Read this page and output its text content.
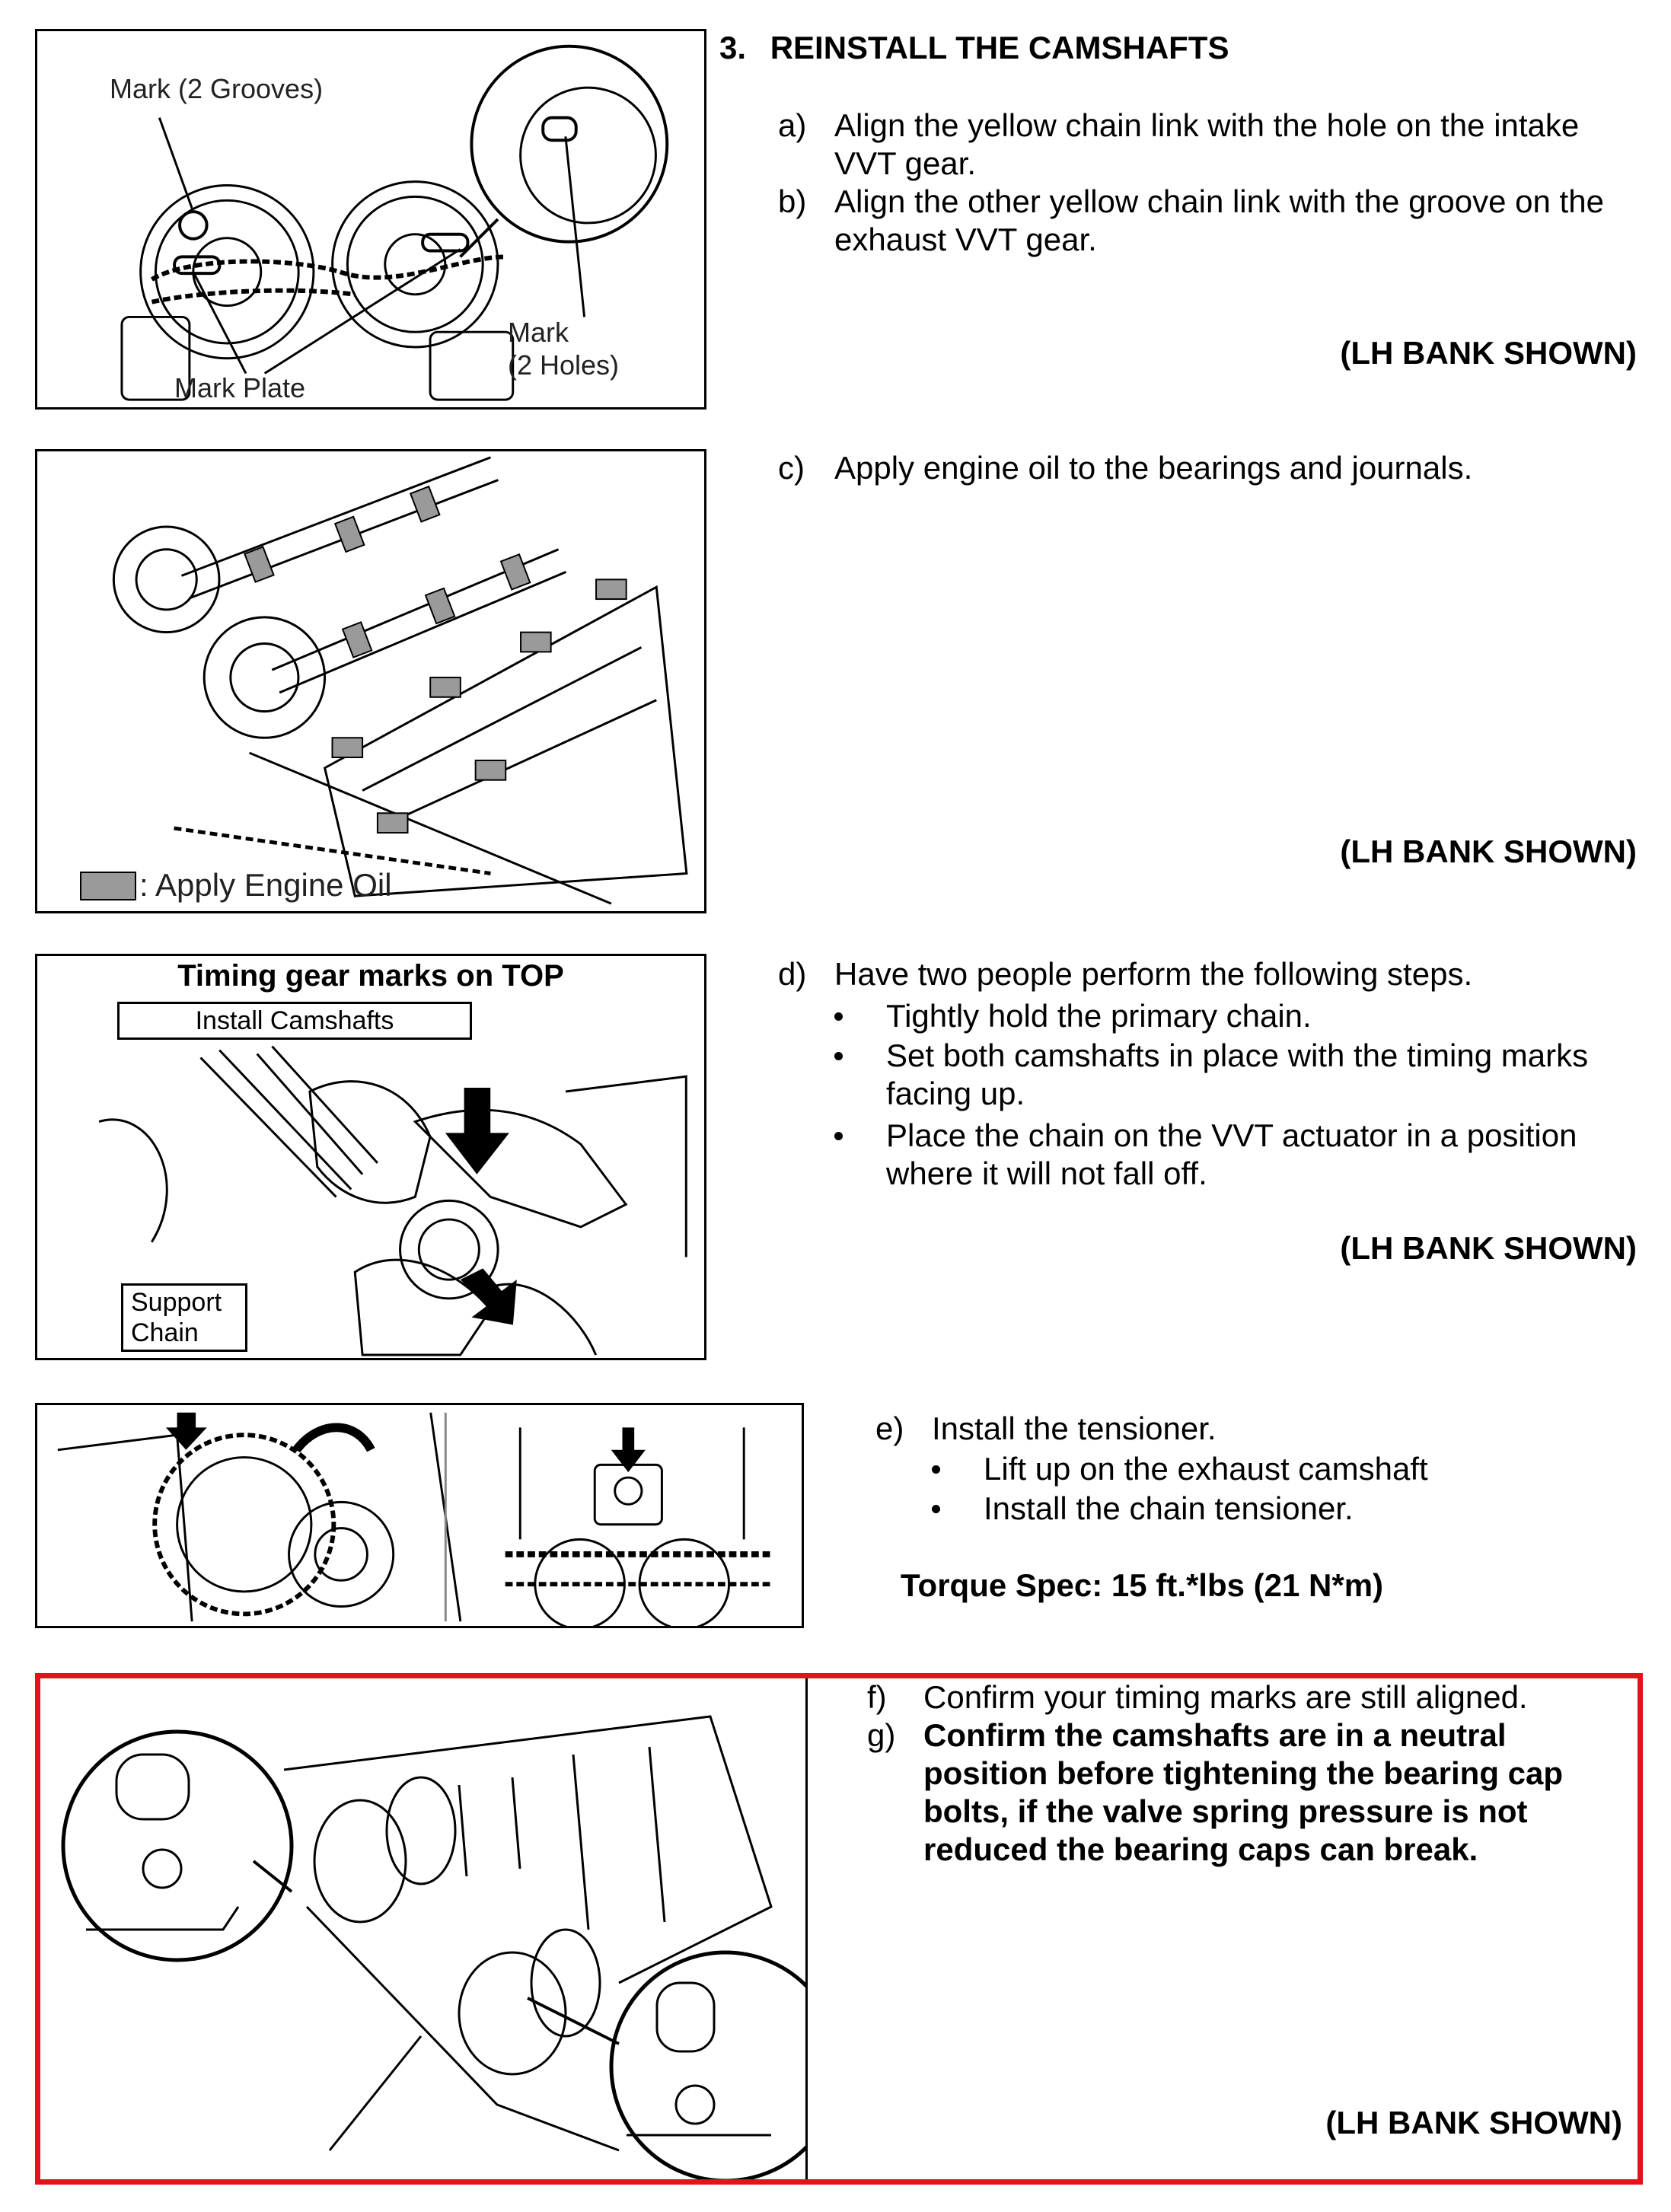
Mark (2 Grooves)
Mark
(2 Holes)
Mark Plate
3. REINSTALL THE CAMSHAFTS
a) Align the yellow chain link with the hole on the intake
VVT gear.
b) Align the other yellow chain link with the groove on the
exhaust VVT gear.
(LH BANK SHOWN)
: Apply Engine Oil
c) Apply engine oil to the bearings and journals.
(LH BANK SHOWN)
Timing gear marks on TOP
Install Camshafts
Support
Chain
d) Have two people perform the following steps.
Tightly hold the primary chain.
Set both camshafts in place with the timing marks
facing up.
Place the chain on the VVT actuator in a position
where it will not fall off.
(LH BANK SHOWN)
e) Install the tensioner.
Lift up on the exhaust camshaft
Install the chain tensioner.
Torque Spec: 15 ft.*lbs (21 N*m)
f) Confirm your timing marks are still aligned.
g) Confirm the camshafts are in a neutral
position before tightening the bearing cap
bolts, if the valve spring pressure is not
reduced the bearing caps can break.
(LH BANK SHOWN)
